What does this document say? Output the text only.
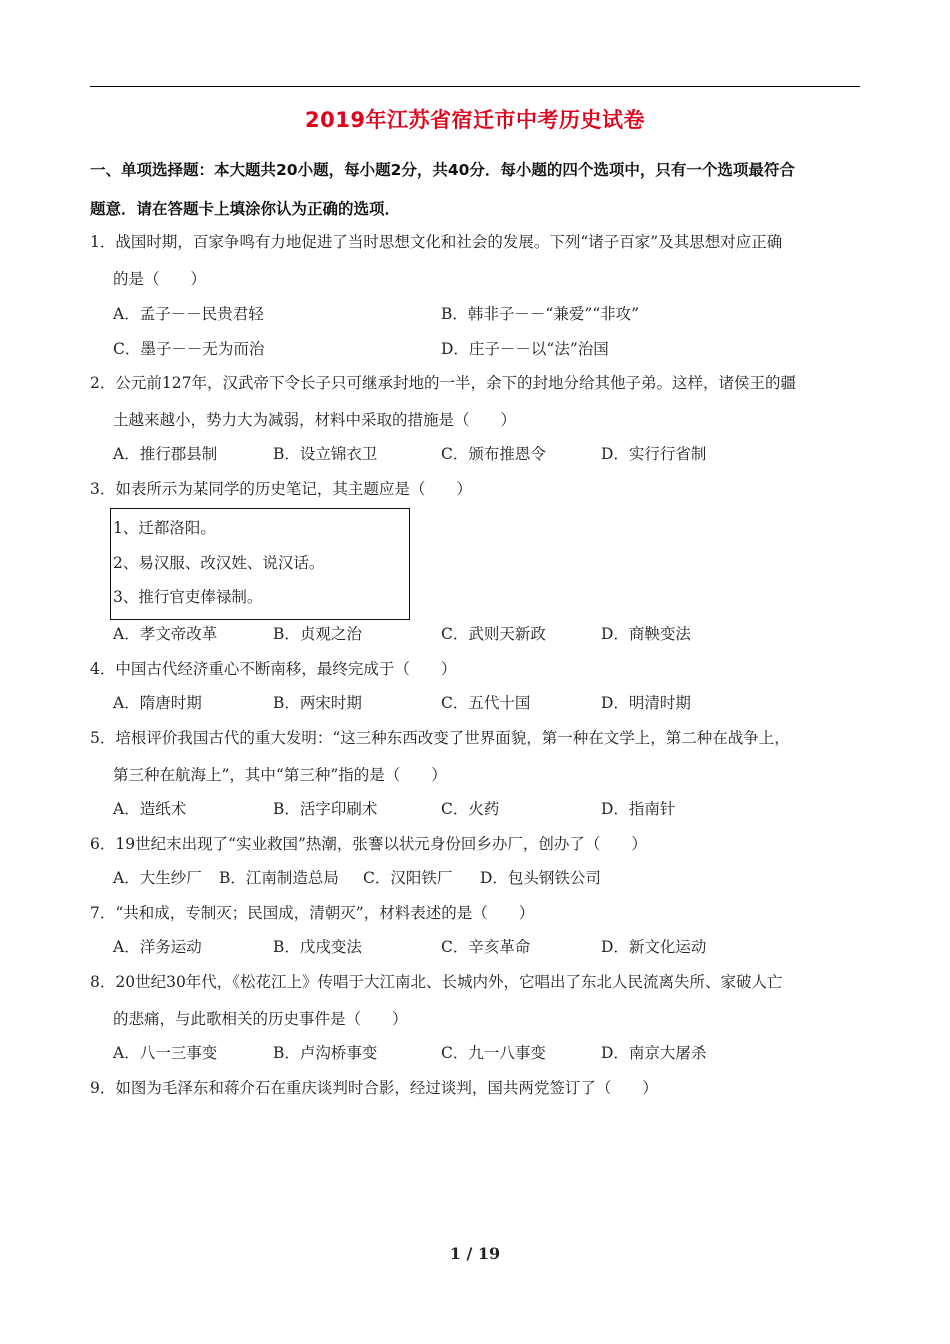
2019年江苏省宿迁市中考历史试卷
一、单项选择题：本大题共20小题，每小题2分，共40分．每小题的四个选项中，只有一个选项最符合
题意．请在答题卡上填涂你认为正确的选项．
1．战国时期，百家争鸣有力地促进了当时思想文化和社会的发展。下列“诸子百家”及其思想对应正确
的是（　　）
A．孟子－－民贵君轻	B．韩非子－－“兼爱”“非攻”
C．墨子－－无为而治	D．庄子－－以“法”治国
2．公元前127年，汉武帝下令长子只可继承封地的一半，余下的封地分给其他子弟。这样，诸侯王的疆
土越来越小，势力大为减弱，材料中采取的措施是（　　）
A．推行郡县制	B．设立锦衣卫	C．颁布推恩令	D．实行行省制
3．如表所示为某同学的历史笔记，其主题应是（　　）
1、迁都洛阳。
2、易汉服、改汉姓、说汉话。
3、推行官吏俸禄制。
A．孝文帝改革	B．贞观之治	C．武则天新政	D．商鞅变法
4．中国古代经济重心不断南移，最终完成于（　　）
A．隋唐时期	B．两宋时期	C．五代十国	D．明清时期
5．培根评价我国古代的重大发明：“这三种东西改变了世界面貌，第一种在文学上，第二种在战争上，
第三种在航海上”，其中“第三种”指的是（　　）
A．造纸术	B．活字印刷术	C．火药	D．指南针
6．19世纪末出现了“实业救国”热潮，张謇以状元身份回乡办厂，创办了（　　）
A．大生纱厂 B．江南制造总局 C．汉阳铁厂 D．包头钢铁公司
7．“共和成，专制灭；民国成，清朝灭”，材料表述的是（　　）
A．洋务运动	B．戊戌变法	C．辛亥革命	D．新文化运动
8．20世纪30年代，《松花江上》传唱于大江南北、长城内外，它唱出了东北人民流离失所、家破人亡
的悲痛，与此歌相关的历史事件是（　　）
A．八一三事变	B．卢沟桥事变	C．九一八事变	D．南京大屠杀
9．如图为毛泽东和蒋介石在重庆谈判时合影，经过谈判，国共两党签订了（　　）
1 / 19
